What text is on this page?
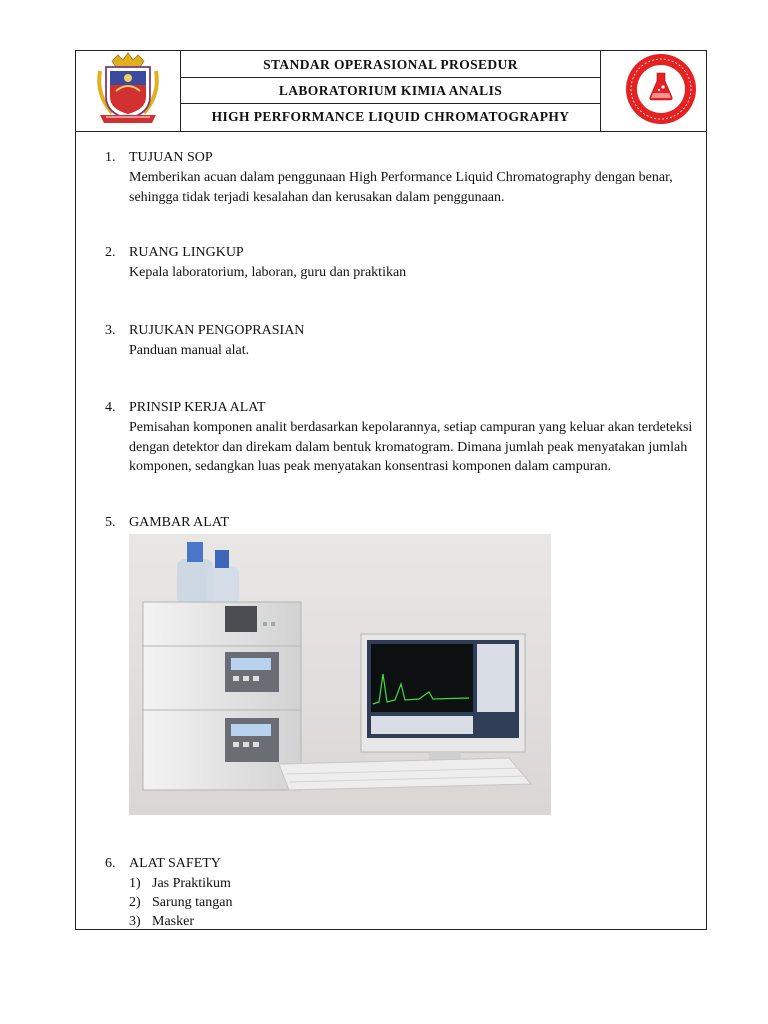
STANDAR OPERASIONAL PROSEDUR
LABORATORIUM KIMIA ANALIS
HIGH PERFORMANCE LIQUID CHROMATOGRAPHY
1. TUJUAN SOP
Memberikan acuan dalam penggunaan High Performance Liquid Chromatography dengan benar, sehingga tidak terjadi kesalahan dan kerusakan dalam penggunaan.
2. RUANG LINGKUP
Kepala laboratorium, laboran, guru dan praktikan
3. RUJUKAN PENGOPRASIAN
Panduan manual alat.
4. PRINSIP KERJA ALAT
Pemisahan komponen analit berdasarkan kepolarannya, setiap campuran yang keluar akan terdeteksi dengan detektor dan direkam dalam bentuk kromatogram. Dimana jumlah peak menyatakan jumlah komponen, sedangkan luas peak menyatakan konsentrasi komponen dalam campuran.
5. GAMBAR ALAT
6. ALAT SAFETY
1) Jas Praktikum
2) Sarung tangan
3) Masker
